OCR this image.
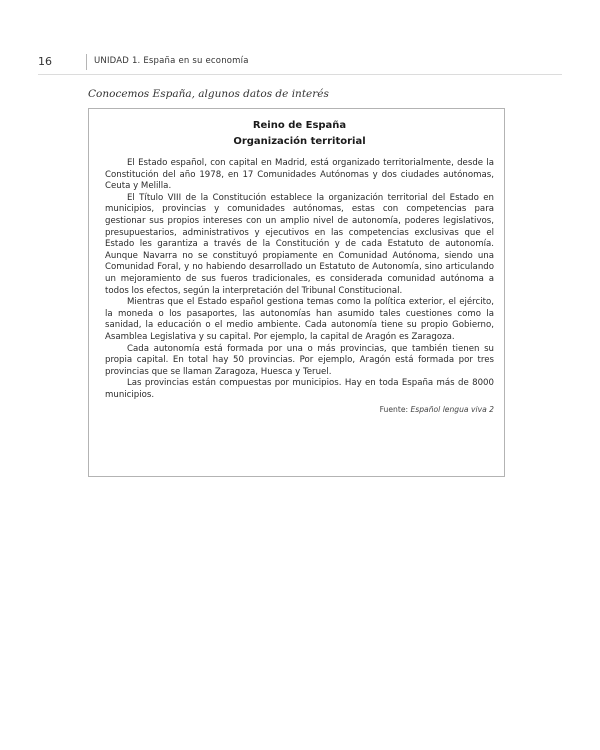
16	UNIDAD 1. España en su economía
Conocemos España, algunos datos de interés
Reino de España
Organización territorial

El Estado español, con capital en Madrid, está organizado territorialmente, desde la Constitución del año 1978, en 17 Comunidades Autónomas y dos ciudades autónomas, Ceuta y Melilla.

El Título VIII de la Constitución establece la organización territorial del Estado en municipios, provincias y comunidades autónomas, estas con competencias para gestionar sus propios intereses con un amplio nivel de autonomía, poderes legislativos, presupuestarios, administrativos y ejecutivos en las competencias exclusivas que el Estado les garantiza a través de la Constitución y de cada Estatuto de autonomía. Aunque Navarra no se constituyó propiamente en Comunidad Autónoma, siendo una Comunidad Foral, y no habiendo desarrollado un Estatuto de Autonomía, sino articulando un mejoramiento de sus fueros tradicionales, es considerada comunidad autónoma a todos los efectos, según la interpretación del Tribunal Constitucional.

Mientras que el Estado español gestiona temas como la política exterior, el ejército, la moneda o los pasaportes, las autonomías han asumido tales cuestiones como la sanidad, la educación o el medio ambiente. Cada autonomía tiene su propio Gobierno, Asamblea Legislativa y su capital. Por ejemplo, la capital de Aragón es Zaragoza.

Cada autonomía está formada por una o más provincias, que también tienen su propia capital. En total hay 50 provincias. Por ejemplo, Aragón está formada por tres provincias que se llaman Zaragoza, Huesca y Teruel.

Las provincias están compuestas por municipios. Hay en toda España más de 8000 municipios.

Fuente: Español lengua viva 2
